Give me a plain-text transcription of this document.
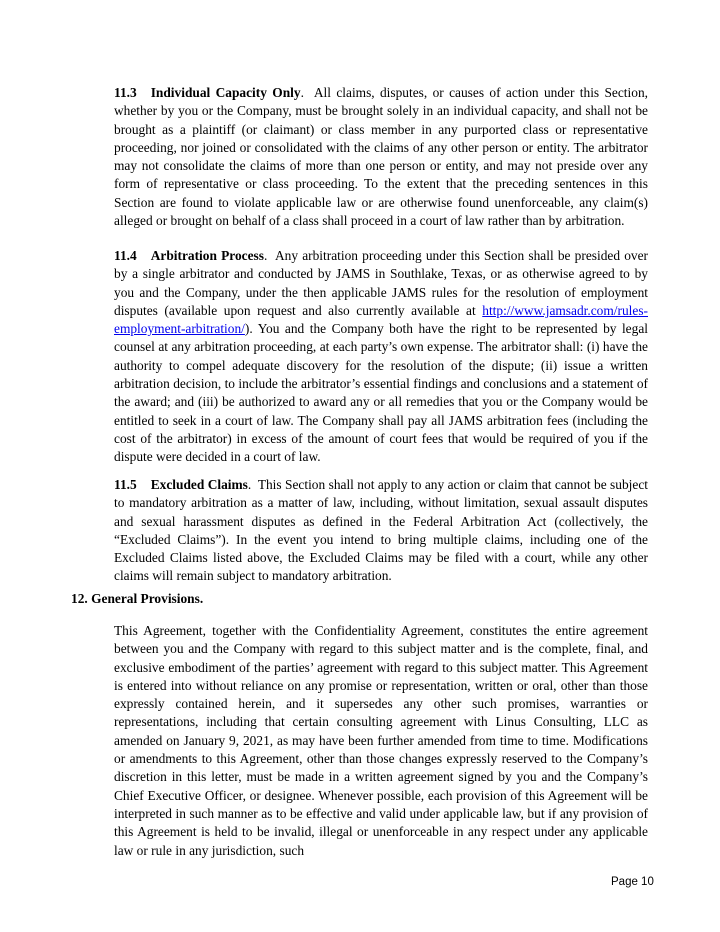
11.3 Individual Capacity Only.  All claims, disputes, or causes of action under this Section, whether by you or the Company, must be brought solely in an individual capacity, and shall not be brought as a plaintiff (or claimant) or class member in any purported class or representative proceeding, nor joined or consolidated with the claims of any other person or entity. The arbitrator may not consolidate the claims of more than one person or entity, and may not preside over any form of representative or class proceeding. To the extent that the preceding sentences in this Section are found to violate applicable law or are otherwise found unenforceable, any claim(s) alleged or brought on behalf of a class shall proceed in a court of law rather than by arbitration.

11.4 Arbitration Process.  Any arbitration proceeding under this Section shall be presided over by a single arbitrator and conducted by JAMS in Southlake, Texas, or as otherwise agreed to by you and the Company, under the then applicable JAMS rules for the resolution of employment disputes (available upon request and also currently available at http://www.jamsadr.com/rules-employment-arbitration/). You and the Company both have the right to be represented by legal counsel at any arbitration proceeding, at each party’s own expense. The arbitrator shall: (i) have the authority to compel adequate discovery for the resolution of the dispute; (ii) issue a written arbitration decision, to include the arbitrator’s essential findings and conclusions and a statement of the award; and (iii) be authorized to award any or all remedies that you or the Company would be entitled to seek in a court of law. The Company shall pay all JAMS arbitration fees (including the cost of the arbitrator) in excess of the amount of court fees that would be required of you if the dispute were decided in a court of law.

11.5 Excluded Claims.  This Section shall not apply to any action or claim that cannot be subject to mandatory arbitration as a matter of law, including, without limitation, sexual assault disputes and sexual harassment disputes as defined in the Federal Arbitration Act (collectively, the “Excluded Claims”). In the event you intend to bring multiple claims, including one of the Excluded Claims listed above, the Excluded Claims may be filed with a court, while any other claims will remain subject to mandatory arbitration.

12. General Provisions.

This Agreement, together with the Confidentiality Agreement, constitutes the entire agreement between you and the Company with regard to this subject matter and is the complete, final, and exclusive embodiment of the parties’ agreement with regard to this subject matter. This Agreement is entered into without reliance on any promise or representation, written or oral, other than those expressly contained herein, and it supersedes any other such promises, warranties or representations, including that certain consulting agreement with Linus Consulting, LLC as amended on January 9, 2021, as may have been further amended from time to time. Modifications or amendments to this Agreement, other than those changes expressly reserved to the Company’s discretion in this letter, must be made in a written agreement signed by you and the Company’s Chief Executive Officer, or designee. Whenever possible, each provision of this Agreement will be interpreted in such manner as to be effective and valid under applicable law, but if any provision of this Agreement is held to be invalid, illegal or unenforceable in any respect under any applicable law or rule in any jurisdiction, such

Page 10
